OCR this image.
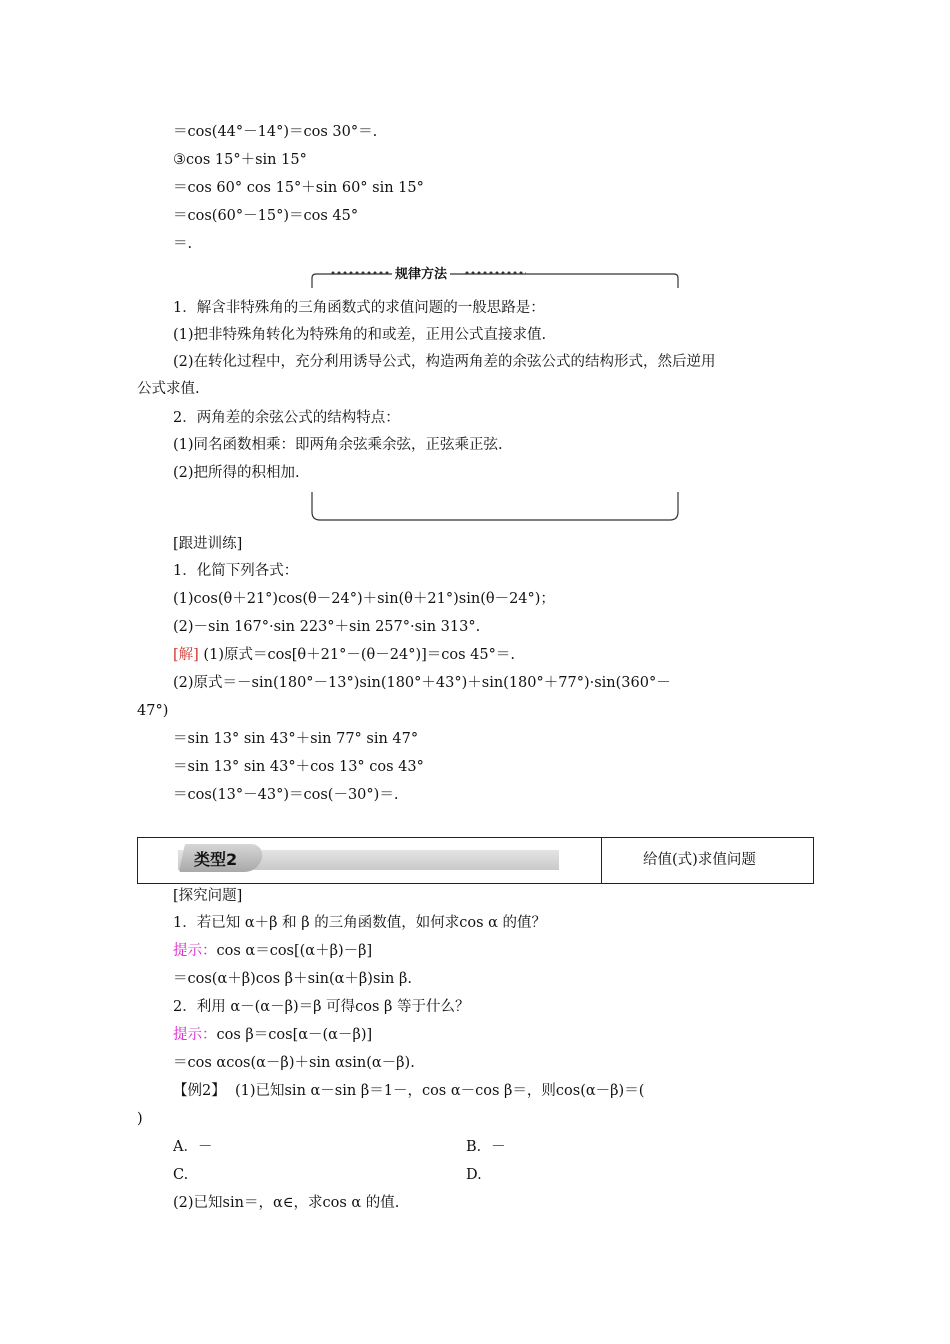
＝cos(44°－14°)＝cos 30°＝.
③cos 15°＋sin 15°
＝cos 60° cos 15°＋sin 60° sin 15°
＝cos(60°－15°)＝cos 45°
＝.
规律方法
1．解含非特殊角的三角函数式的求值问题的一般思路是：
(1)把非特殊角转化为特殊角的和或差，正用公式直接求值.
(2)在转化过程中，充分利用诱导公式，构造两角差的余弦公式的结构形式，然后逆用
公式求值.
2．两角差的余弦公式的结构特点：
(1)同名函数相乘：即两角余弦乘余弦，正弦乘正弦.
(2)把所得的积相加.
[跟进训练]
1．化简下列各式：
(1)cos(θ＋21°)cos(θ－24°)＋sin(θ＋21°)sin(θ－24°)；
(2)－sin 167°·sin 223°＋sin 257°·sin 313°.
[解] (1)原式＝cos[θ＋21°－(θ－24°)]＝cos 45°＝.
(2)原式＝－sin(180°－13°)sin(180°＋43°)＋sin(180°＋77°)·sin(360°－
47°)
＝sin 13° sin 43°＋sin 77° sin 47°
＝sin 13° sin 43°＋cos 13° cos 43°
＝cos(13°－43°)＝cos(－30°)＝.
类型2	给值(式)求值问题
[探究问题]
1．若已知 α＋β 和 β 的三角函数值，如何求cos α 的值？
提示：cos α＝cos[(α＋β)－β]
＝cos(α＋β)cos β＋sin(α＋β)sin β.
2．利用 α－(α－β)＝β 可得cos β 等于什么？
提示：cos β＝cos[α－(α－β)]
＝cos αcos(α－β)＋sin αsin(α－β).
【例2】  (1)已知sin α－sin β＝1－，cos α－cos β＝，则cos(α－β)＝(
)
A．－	B．－
C.	D.
(2)已知sin＝，α∈，求cos α 的值.
